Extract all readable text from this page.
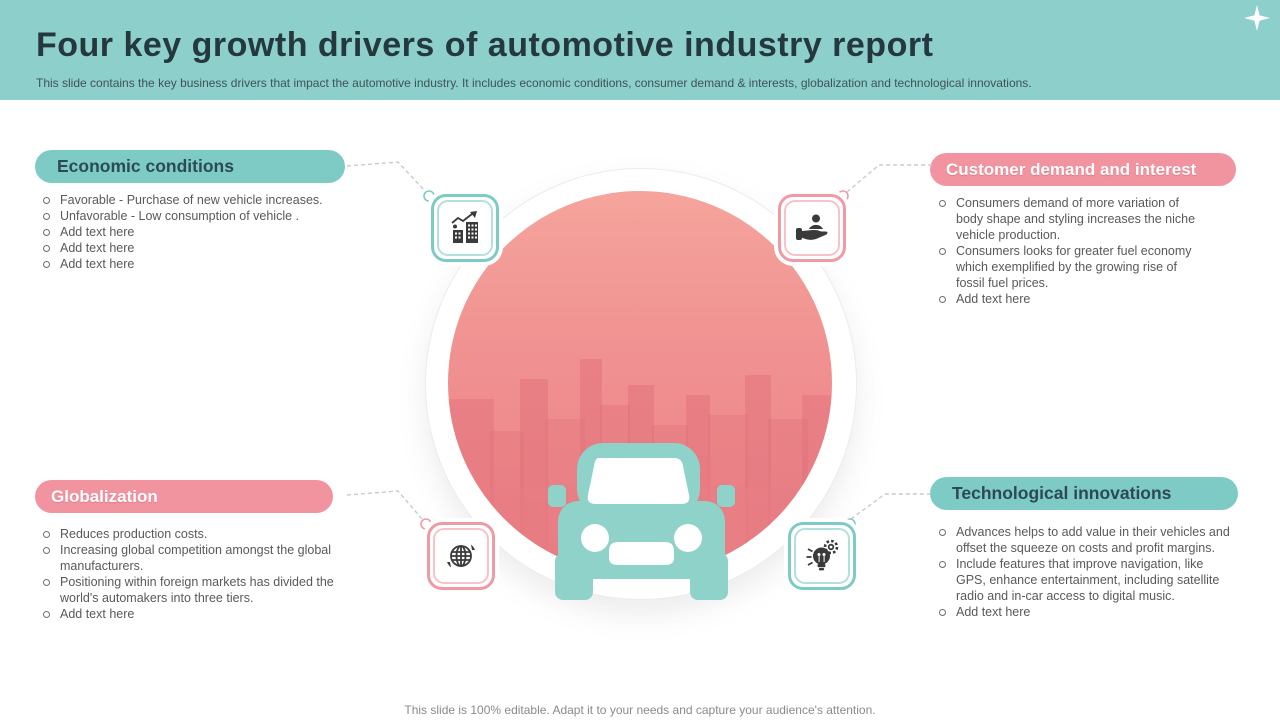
Four key growth drivers of automotive industry report

This slide contains the key business drivers that impact the automotive industry. It includes economic conditions, consumer demand & interests, globalization and technological innovations.

Economic conditions
Favorable - Purchase of new vehicle increases.
Unfavorable - Low consumption of vehicle .
Add text here
Add text here
Add text here
Customer demand and interest
Consumers demand of more variation of body shape and styling increases the niche vehicle production.
Consumers looks for greater fuel economy which exemplified by the growing rise of fossil fuel prices.
Add text here
Globalization
Reduces production costs.
Increasing global competition amongst the global manufacturers.
Positioning within foreign markets has divided the world's automakers into three tiers.
Add text here
Technological innovations
Advances helps to add value in their vehicles and offset the squeeze on costs and profit margins.
Include features that improve navigation, like GPS, enhance entertainment, including satellite radio and in-car access to digital music.
Add text here

This slide is 100% editable. Adapt it to your needs and capture your audience's attention.
